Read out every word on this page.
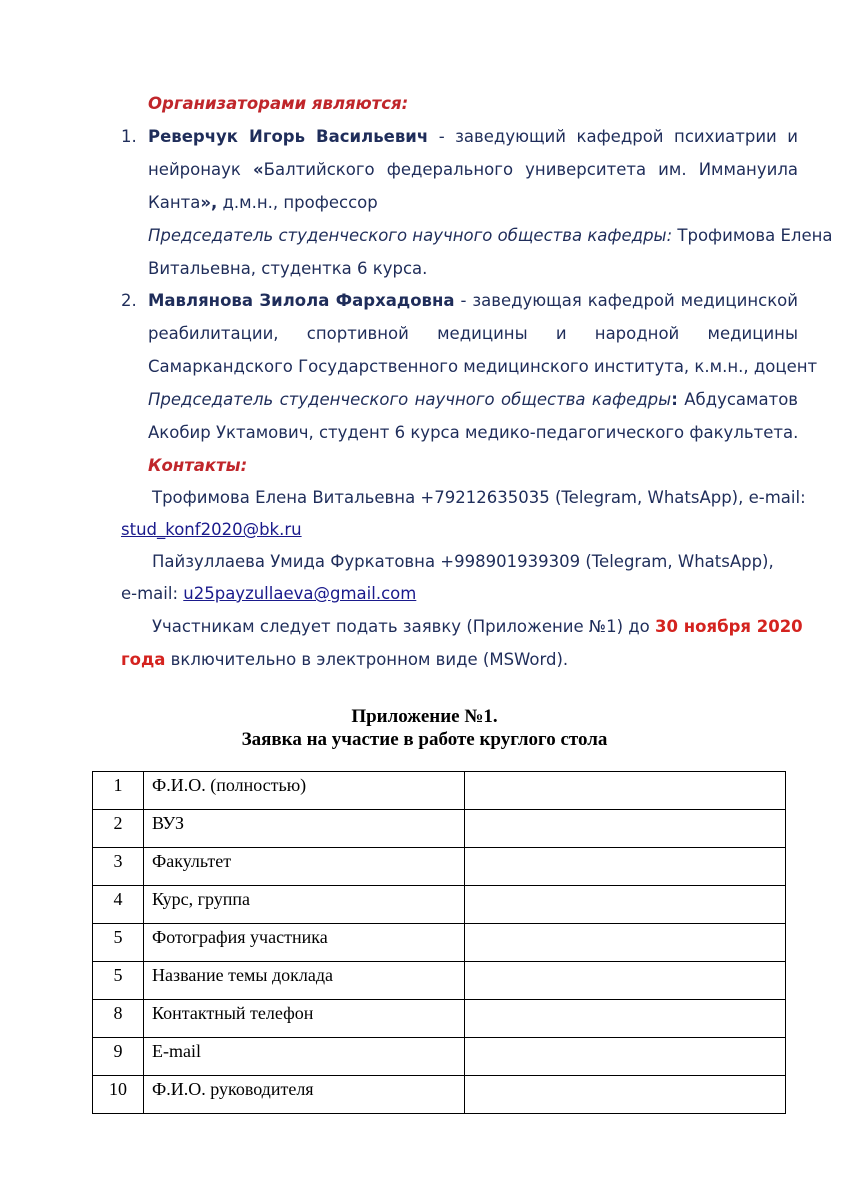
Организаторами являются:
1. Реверчук Игорь Васильевич - заведующий кафедрой психиатрии и
нейронаук «Балтийского федерального университета им. Иммануила
Канта», д.м.н., профессор
Председатель студенческого научного общества кафедры: Трофимова Елена
Витальевна, студентка 6 курса.
2. Мавлянова Зилола Фархадовна - заведующая кафедрой медицинской
реабилитации, спортивной медицины и народной медицины
Самаркандского Государственного медицинского института, к.м.н., доцент
Председатель студенческого научного общества кафедры: Абдусаматов
Акобир Уктамович, студент 6 курса медико-педагогического факультета.
Контакты:
Трофимова Елена Витальевна +79212635035 (Telegram, WhatsApp), e-mail:
stud_konf2020@bk.ru
Пайзуллаева Умида Фуркатовна +998901939309 (Telegram, WhatsApp),
e-mail: u25payzullaeva@gmail.com
Участникам следует подать заявку (Приложение №1) до 30 ноября 2020
года включительно в электронном виде (MSWord).
Приложение №1.
Заявка на участие в работе круглого стола
1	Ф.И.О. (полностью)	
2	ВУЗ	
3	Факультет	
4	Курс, группа	
5	Фотография участника	
5	Название темы доклада	
8	Контактный телефон	
9	E-mail	
10	Ф.И.О. руководителя	
